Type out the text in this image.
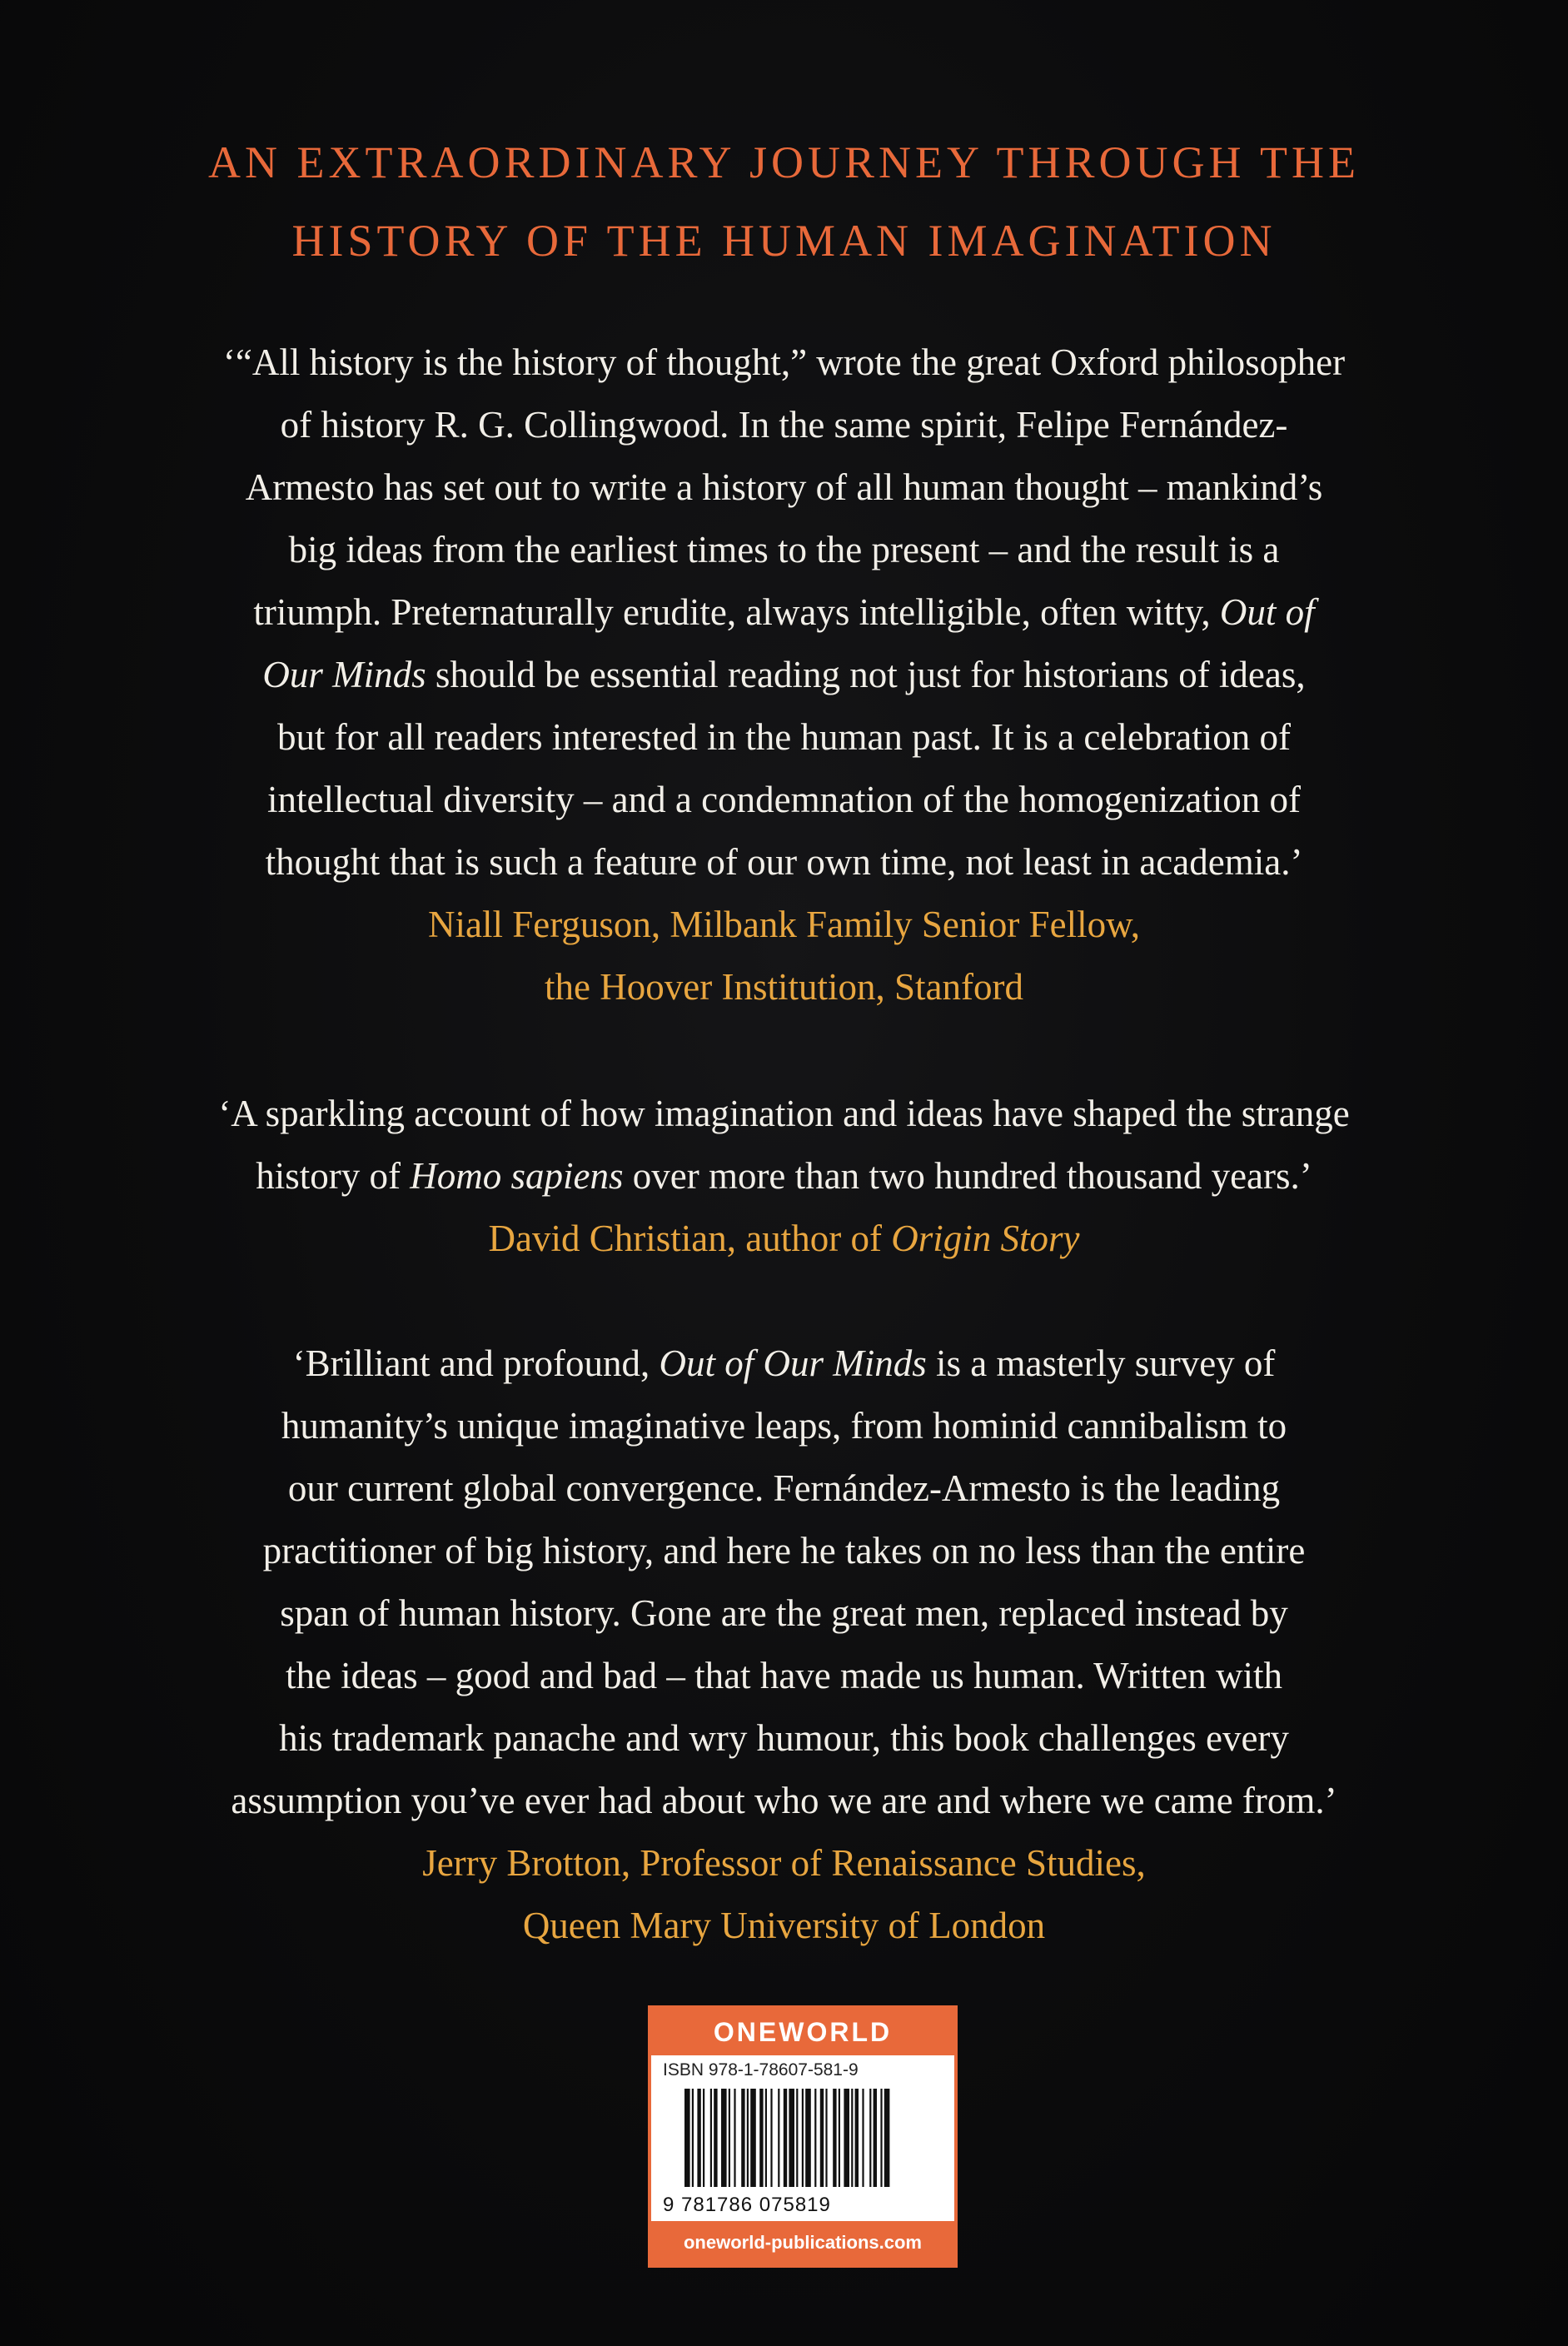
AN EXTRAORDINARY JOURNEY THROUGH THE
HISTORY OF THE HUMAN IMAGINATION
‘“All history is the history of thought,” wrote the great Oxford philosopher
of history R. G. Collingwood. In the same spirit, Felipe Fernández-
Armesto has set out to write a history of all human thought – mankind’s
big ideas from the earliest times to the present – and the result is a
triumph. Preternaturally erudite, always intelligible, often witty, Out of
Our Minds should be essential reading not just for historians of ideas,
but for all readers interested in the human past. It is a celebration of
intellectual diversity – and a condemnation of the homogenization of
thought that is such a feature of our own time, not least in academia.’
Niall Ferguson, Milbank Family Senior Fellow,
the Hoover Institution, Stanford
‘A sparkling account of how imagination and ideas have shaped the strange
history of Homo sapiens over more than two hundred thousand years.’
David Christian, author of Origin Story
‘Brilliant and profound, Out of Our Minds is a masterly survey of
humanity’s unique imaginative leaps, from hominid cannibalism to
our current global convergence. Fernández-Armesto is the leading
practitioner of big history, and here he takes on no less than the entire
span of human history. Gone are the great men, replaced instead by
the ideas – good and bad – that have made us human. Written with
his trademark panache and wry humour, this book challenges every
assumption you’ve ever had about who we are and where we came from.’
Jerry Brotton, Professor of Renaissance Studies,
Queen Mary University of London
ONEWORLD
ISBN 978-1-78607-581-9
9 781786 075819
oneworld-publications.com
